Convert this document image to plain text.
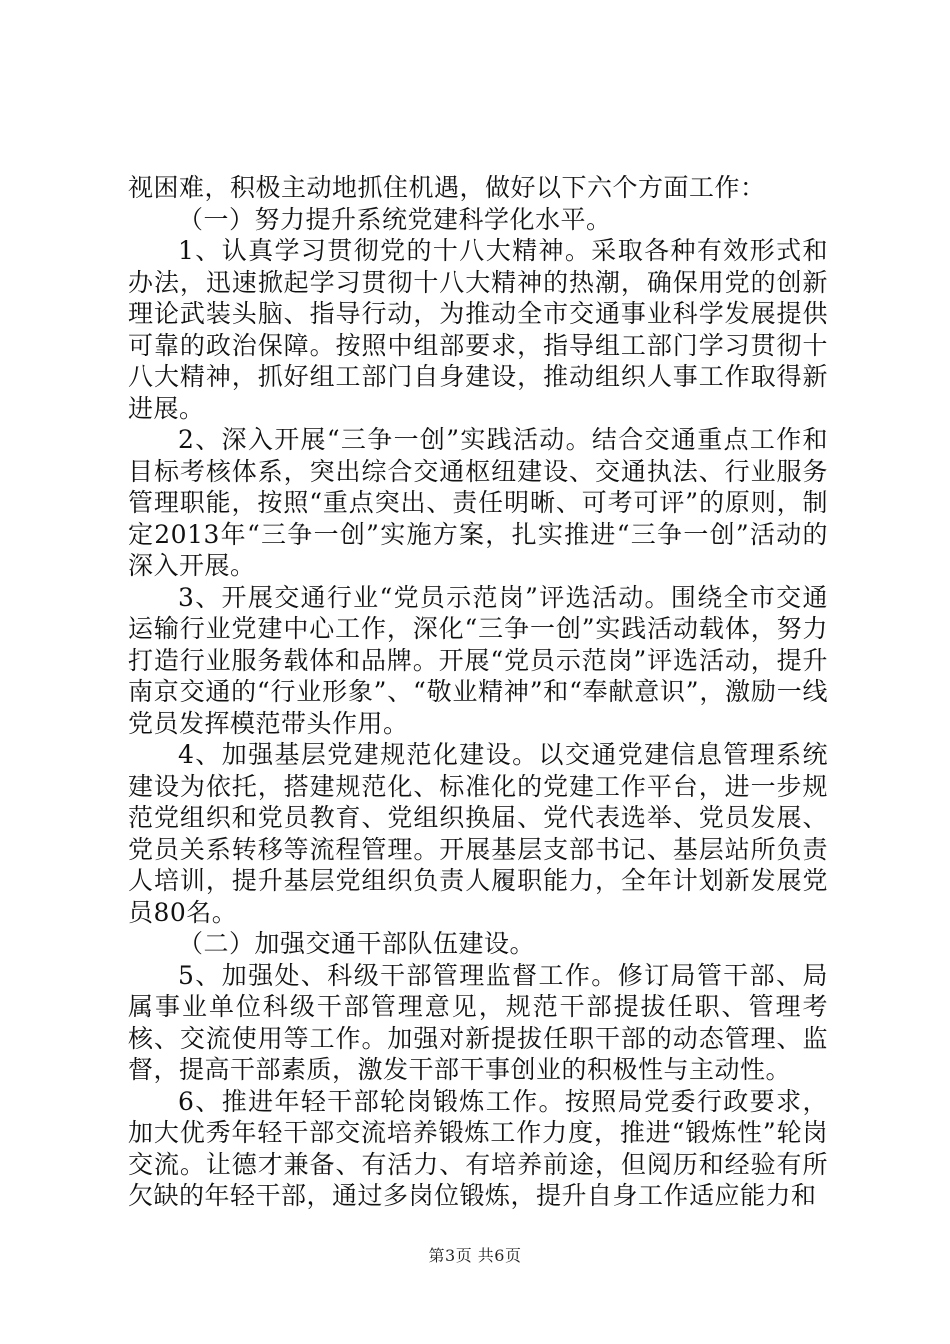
视困难，积极主动地抓住机遇，做好以下六个方面工作：

（一）努力提升系统党建科学化水平。

1、认真学习贯彻党的十八大精神。采取各种有效形式和办法，迅速掀起学习贯彻十八大精神的热潮，确保用党的创新理论武装头脑、指导行动，为推动全市交通事业科学发展提供可靠的政治保障。按照中组部要求，指导组工部门学习贯彻十八大精神，抓好组工部门自身建设，推动组织人事工作取得新进展。

2、深入开展“三争一创”实践活动。结合交通重点工作和目标考核体系，突出综合交通枢纽建设、交通执法、行业服务管理职能，按照“重点突出、责任明晰、可考可评”的原则，制定2013年“三争一创”实施方案，扎实推进“三争一创”活动的深入开展。

3、开展交通行业“党员示范岗”评选活动。围绕全市交通运输行业党建中心工作，深化“三争一创”实践活动载体，努力打造行业服务载体和品牌。开展“党员示范岗”评选活动，提升南京交通的“行业形象”、“敬业精神”和“奉献意识”，激励一线党员发挥模范带头作用。

4、加强基层党建规范化建设。以交通党建信息管理系统建设为依托，搭建规范化、标准化的党建工作平台，进一步规范党组织和党员教育、党组织换届、党代表选举、党员发展、党员关系转移等流程管理。开展基层支部书记、基层站所负责人培训，提升基层党组织负责人履职能力，全年计划新发展党员80名。

（二）加强交通干部队伍建设。

5、加强处、科级干部管理监督工作。修订局管干部、局属事业单位科级干部管理意见，规范干部提拔任职、管理考核、交流使用等工作。加强对新提拔任职干部的动态管理、监督，提高干部素质，激发干部干事创业的积极性与主动性。

6、推进年轻干部轮岗锻炼工作。按照局党委行政要求，加大优秀年轻干部交流培养锻炼工作力度，推进“锻炼性”轮岗交流。让德才兼备、有活力、有培养前途，但阅历和经验有所欠缺的年轻干部，通过多岗位锻炼，提升自身工作适应能力和

第3页 共6页
